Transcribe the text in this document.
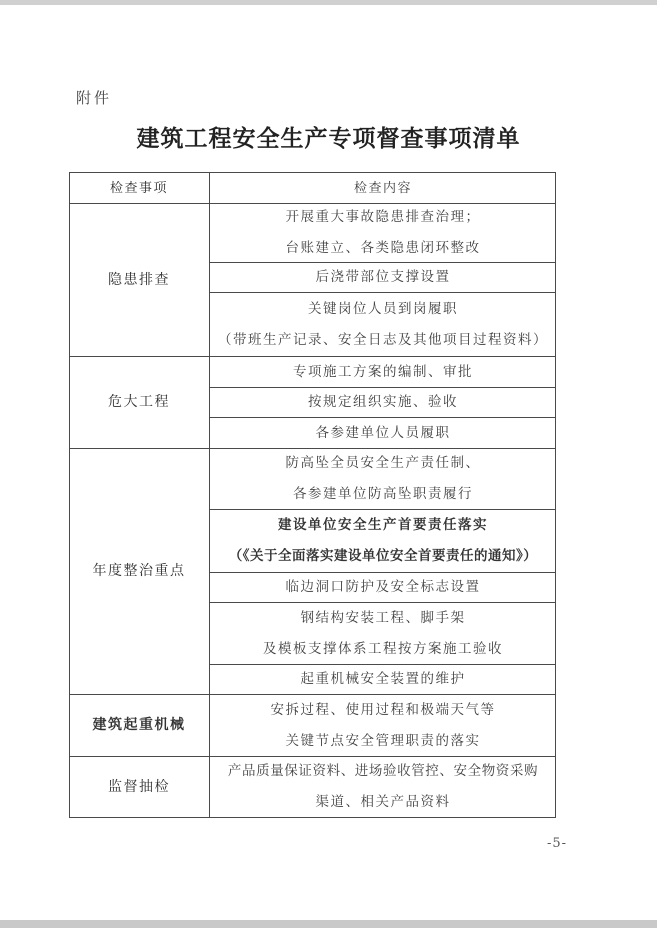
附件
建筑工程安全生产专项督查事项清单
检查事项	检查内容
隐患排查
开展重大事故隐患排查治理；
台账建立、各类隐患闭环整改
后浇带部位支撑设置
关键岗位人员到岗履职
（带班生产记录、安全日志及其他项目过程资料）
危大工程
专项施工方案的编制、审批
按规定组织实施、验收
各参建单位人员履职
年度整治重点
防高坠全员安全生产责任制、
各参建单位防高坠职责履行
建设单位安全生产首要责任落实
（《关于全面落实建设单位安全首要责任的通知》）
临边洞口防护及安全标志设置
钢结构安装工程、脚手架
及模板支撑体系工程按方案施工验收
起重机械安全装置的维护
建筑起重机械
安拆过程、使用过程和极端天气等
关键节点安全管理职责的落实
监督抽检
产品质量保证资料、进场验收管控、安全物资采购
渠道、相关产品资料
-5-
